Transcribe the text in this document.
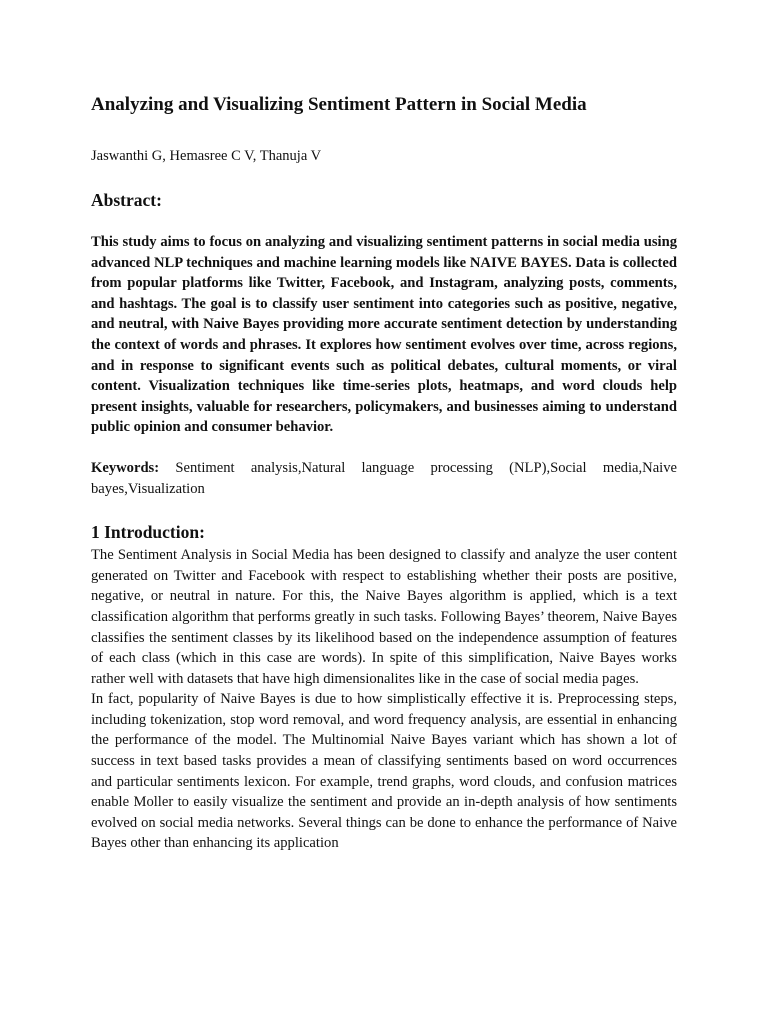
Analyzing and Visualizing Sentiment Pattern in Social Media
Jaswanthi G, Hemasree C V, Thanuja V
Abstract:
This study aims to focus on analyzing and visualizing sentiment patterns in social media using advanced NLP techniques and machine learning models like NAIVE BAYES. Data is collected from popular platforms like Twitter, Facebook, and Instagram, analyzing posts, comments, and hashtags. The goal is to classify user sentiment into categories such as positive, negative, and neutral, with Naive Bayes providing more accurate sentiment detection by understanding the context of words and phrases. It explores how sentiment evolves over time, across regions, and in response to significant events such as political debates, cultural moments, or viral content. Visualization techniques like time-series plots, heatmaps, and word clouds help present insights, valuable for researchers, policymakers, and businesses aiming to understand public opinion and consumer behavior.
Keywords: Sentiment analysis,Natural language processing (NLP),Social media,Naive bayes,Visualization
1 Introduction:

The Sentiment Analysis in Social Media has been designed to classify and analyze the user content generated on Twitter and Facebook with respect to establishing whether their posts are positive, negative, or neutral in nature. For this, the Naive Bayes algorithm is applied, which is a text classification algorithm that performs greatly in such tasks. Following Bayes’ theorem, Naive Bayes classifies the sentiment classes by its likelihood based on the independence assumption of features of each class (which in this case are words). In spite of this simplification, Naive Bayes works rather well with datasets that have high dimensionalites like in the case of social media pages.

In fact, popularity of Naive Bayes is due to how simplistically effective it is. Preprocessing steps, including tokenization, stop word removal, and word frequency analysis, are essential in enhancing the performance of the model. The Multinomial Naive Bayes variant which has shown a lot of success in text based tasks provides a mean of classifying sentiments based on word occurrences and particular sentiments lexicon. For example, trend graphs, word clouds, and confusion matrices enable Moller to easily visualize the sentiment and provide an in-depth analysis of how sentiments evolved on social media networks. Several things can be done to enhance the performance of Naive Bayes other than enhancing its application
